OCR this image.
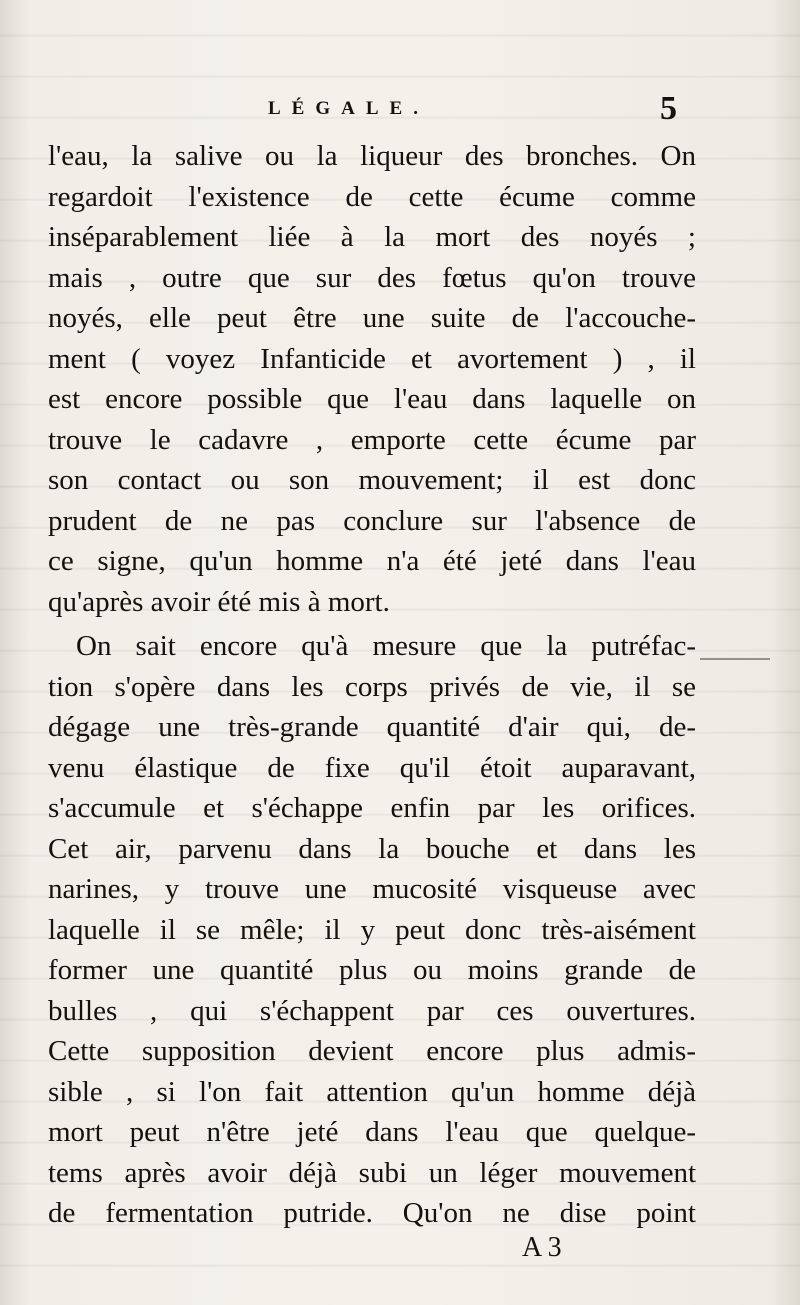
LÉGALE.	5
l'eau, la salive ou la liqueur des bronches. On
regardoit l'existence de cette écume comme
inséparablement liée à la mort des noyés ;
mais , outre que sur des fœtus qu'on trouve
noyés, elle peut être une suite de l'accouche-
ment ( voyez Infanticide et avortement ) , il
est encore possible que l'eau dans laquelle on
trouve le cadavre , emporte cette écume par
son contact ou son mouvement; il est donc
prudent de ne pas conclure sur l'absence de
ce signe, qu'un homme n'a été jeté dans l'eau
qu'après avoir été mis à mort.
On sait encore qu'à mesure que la putréfac-
tion s'opère dans les corps privés de vie, il se
dégage une très-grande quantité d'air qui, de-
venu élastique de fixe qu'il étoit auparavant,
s'accumule et s'échappe enfin par les orifices.
Cet air, parvenu dans la bouche et dans les
narines, y trouve une mucosité visqueuse avec
laquelle il se mêle; il y peut donc très-aisément
former une quantité plus ou moins grande de
bulles , qui s'échappent par ces ouvertures.
Cette supposition devient encore plus admis-
sible , si l'on fait attention qu'un homme déjà
mort peut n'être jeté dans l'eau que quelque-
tems après avoir déjà subi un léger mouvement
de fermentation putride. Qu'on ne dise point
A 3
